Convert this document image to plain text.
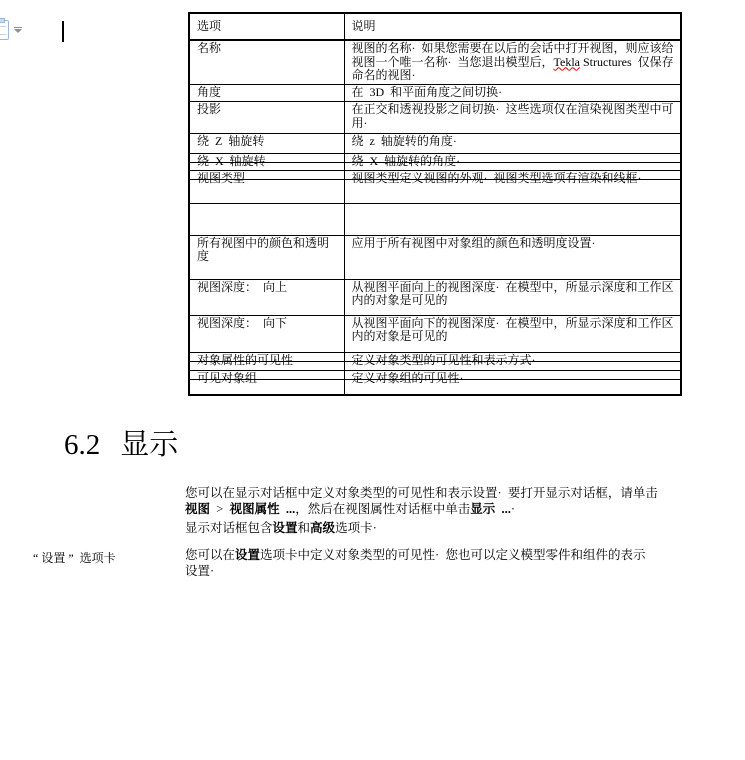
选项	说明
名称	视图的名称·  如果您需要在以后的会话中打开视图，则应该给视图一个唯一名称·  当您退出模型后，Tekla Structures  仅保存命名的视图·
角度	在  3D  和平面角度之间切换·
投影	在正交和透视投影之间切换·  这些选项仅在渲染视图类型中可用·
绕  Z  轴旋转	绕  z  轴旋转的角度·
绕  X  轴旋转	绕  X  轴旋转的角度·
视图类型	视图类型定义视图的外观·  视图类型选项有渲染和线框·

所有视图中的颜色和透明度	应用于所有视图中对象组的颜色和透明度设置·
视图深度：  向上	从视图平面向上的视图深度·  在模型中，所显示深度和工作区内的对象是可见的
视图深度：  向下	从视图平面向下的视图深度·  在模型中，所显示深度和工作区内的对象是可见的
对象属性的可见性	定义对象类型的可见性和表示方式·
可见对象组	定义对象组的可见性·
6.2 显示
您可以在显示对话框中定义对象类型的可见性和表示设置·  要打开显示对话框，请单击
视图  >  视图属性  ...，然后在视图属性对话框中单击显示  ...·
显示对话框包含设置和高级选项卡·
“ 设置 ”  选项卡	您可以在设置选项卡中定义对象类型的可见性·  您也可以定义模型零件和组件的表示
设置·
